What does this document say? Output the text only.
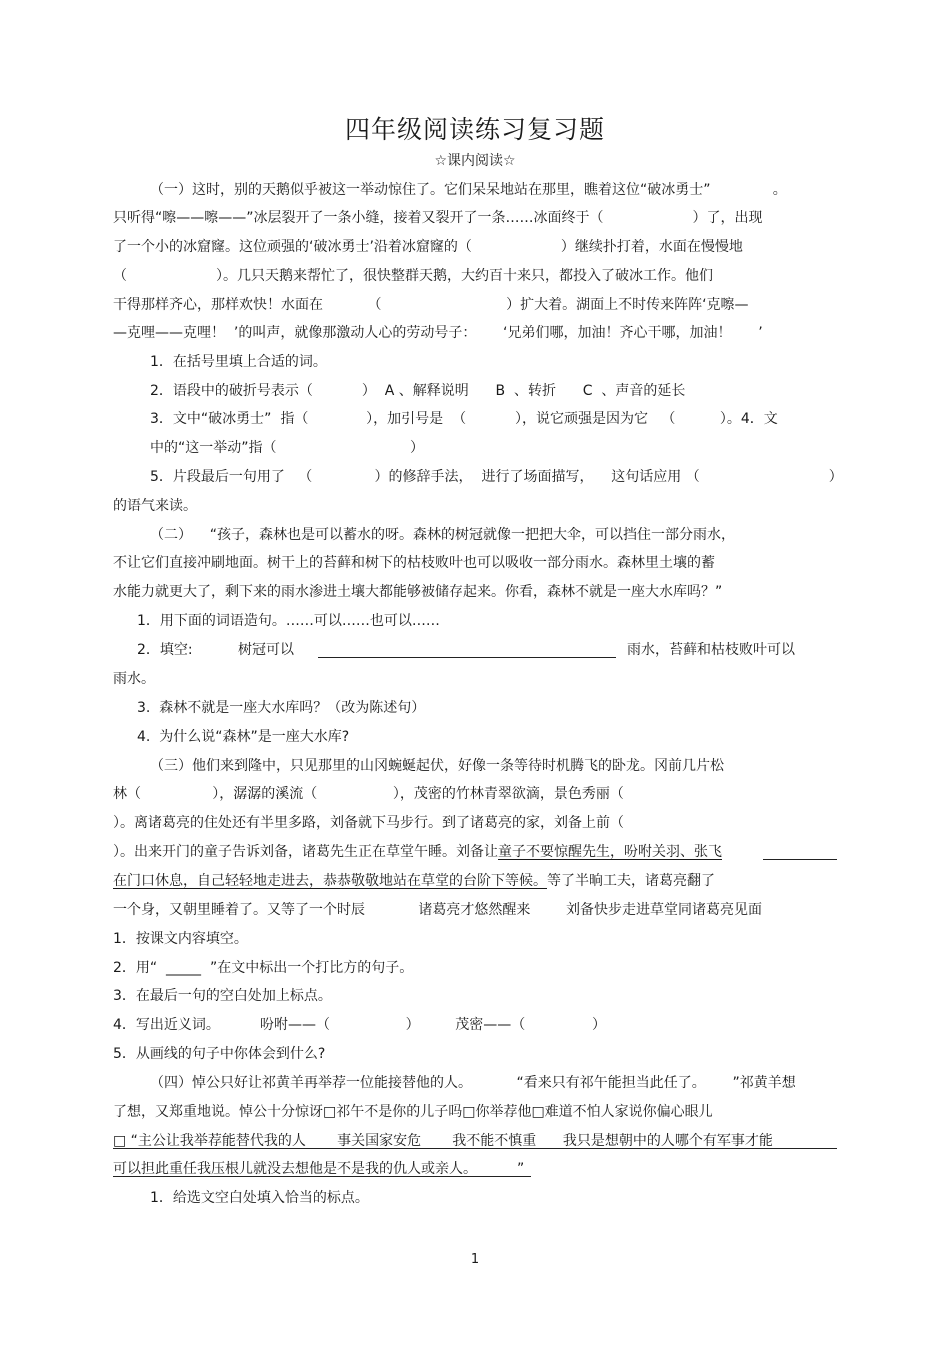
四年级阅读练习复习题
☆课内阅读☆
（一）这时，别的天鹅似乎被这一举动惊住了。它们呆呆地站在那里，瞧着这位“破冰勇士”              。
只听得“嚓——嚓——”冰层裂开了一条小缝，接着又裂开了一条……冰面终于（                    ）了，出现
了一个小的冰窟窿。这位顽强的‘破冰勇士’沿着冰窟窿的（                    ）继续扑打着，水面在慢慢地
（                    ）。几只天鹅来帮忙了，很快整群天鹅，大约百十来只，都投入了破冰工作。他们
干得那样齐心，那样欢快！水面在          （                            ）扩大着。湖面上不时传来阵阵‘克嚓—
—克哩——克哩！  ’的叫声，就像那激动人心的劳动号子：      ‘兄弟们哪，加油！齐心干哪，加油！      ’
1．在括号里填上合适的词。
2．语段中的破折号表示（           ）  A 、解释说明      B  、转折      C  、声音的延长
3．文中“破冰勇士”  指（             ），加引号是  （           ），说它顽强是因为它   （          ）。4．文
中的“这一举动”指（                              ）
5．片段最后一句用了   （              ）的修辞手法，  进行了场面描写，    这句话应用 （                             ）
的语气来读。
（二）    “孩子，森林也是可以蓄水的呀。森林的树冠就像一把把大伞，可以挡住一部分雨水，
不让它们直接冲刷地面。树干上的苔藓和树下的枯枝败叶也可以吸收一部分雨水。森林里土壤的蓄
水能力就更大了，剩下来的雨水渗进土壤大都能够被储存起来。你看，森林不就是一座大水库吗？”
1．用下面的词语造句。……可以……也可以……
2．填空:	树冠可以	雨水，苔藓和枯枝败叶可以
雨水。
3.  森林不就是一座大水库吗？（改为陈述句）
4.  为什么说“森林”是一座大水库?
（三）他们来到隆中，只见那里的山冈蜿蜒起伏，好像一条等待时机腾飞的卧龙。冈前几片松
林（                ），潺潺的溪流（                 ），茂密的竹林青翠欲滴，景色秀丽（
）。离诸葛亮的住处还有半里多路，刘备就下马步行。到了诸葛亮的家，刘备上前（
）。出来开门的童子告诉刘备，诸葛先生正在草堂午睡。刘备让童子不要惊醒先生，吩咐关羽、张飞
在门口休息，自己轻轻地走进去，恭恭敬敬地站在草堂的台阶下等候。等了半晌工夫，诸葛亮翻了
一个身，又朝里睡着了。又等了一个时辰            诸葛亮才悠然醒来        刘备快步走进草堂同诸葛亮见面
1．按课文内容填空。
2．用“  _____  ”在文中标出一个打比方的句子。
3．在最后一句的空白处加上标点。
4．写出近义词。         吩咐——（                 ）        茂密——（               ）
5．从画线的句子中你体会到什么?
（四）悼公只好让祁黄羊再举荐一位能接替他的人。          “看来只有祁午能担当此任了。      ”祁黄羊想
了想，又郑重地说。悼公十分惊讶□祁午不是你的儿子吗□你举荐他□难道不怕人家说你偏心眼儿
□ “主公让我举荐能替代我的人       事关国家安危       我不能不慎重      我只是想朝中的人哪个有军事才能
可以担此重任我压根儿就没去想他是不是我的仇人或亲人。         ”
1．给选文空白处填入恰当的标点。
1
